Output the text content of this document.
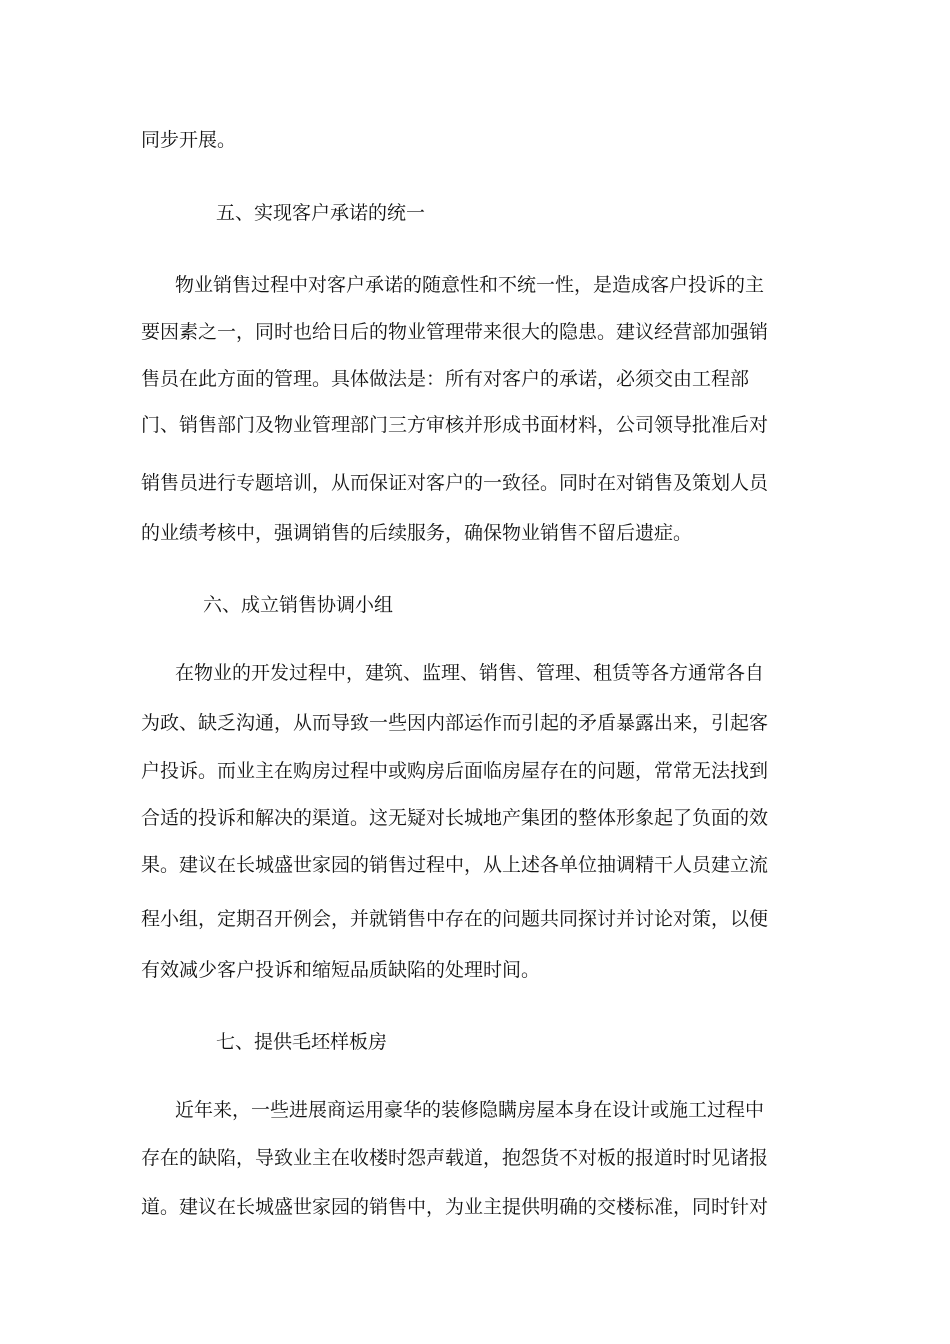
同步开展。
五、实现客户承诺的统一
物业销售过程中对客户承诺的随意性和不统一性，是造成客户投诉的主
要因素之一，同时也给日后的物业管理带来很大的隐患。建议经营部加强销
售员在此方面的管理。具体做法是：所有对客户的承诺，必须交由工程部
门、销售部门及物业管理部门三方审核并形成书面材料，公司领导批准后对
销售员进行专题培训，从而保证对客户的一致径。同时在对销售及策划人员
的业绩考核中，强调销售的后续服务，确保物业销售不留后遗症。
六、成立销售协调小组
在物业的开发过程中，建筑、监理、销售、管理、租赁等各方通常各自
为政、缺乏沟通，从而导致一些因内部运作而引起的矛盾暴露出来，引起客
户投诉。而业主在购房过程中或购房后面临房屋存在的问题，常常无法找到
合适的投诉和解决的渠道。这无疑对长城地产集团的整体形象起了负面的效
果。建议在长城盛世家园的销售过程中，从上述各单位抽调精干人员建立流
程小组，定期召开例会，并就销售中存在的问题共同探讨并讨论对策，以便
有效减少客户投诉和缩短品质缺陷的处理时间。
七、提供毛坯样板房
近年来，一些进展商运用豪华的装修隐瞒房屋本身在设计或施工过程中
存在的缺陷，导致业主在收楼时怨声载道，抱怨货不对板的报道时时见诸报
道。建议在长城盛世家园的销售中，为业主提供明确的交楼标准，同时针对
